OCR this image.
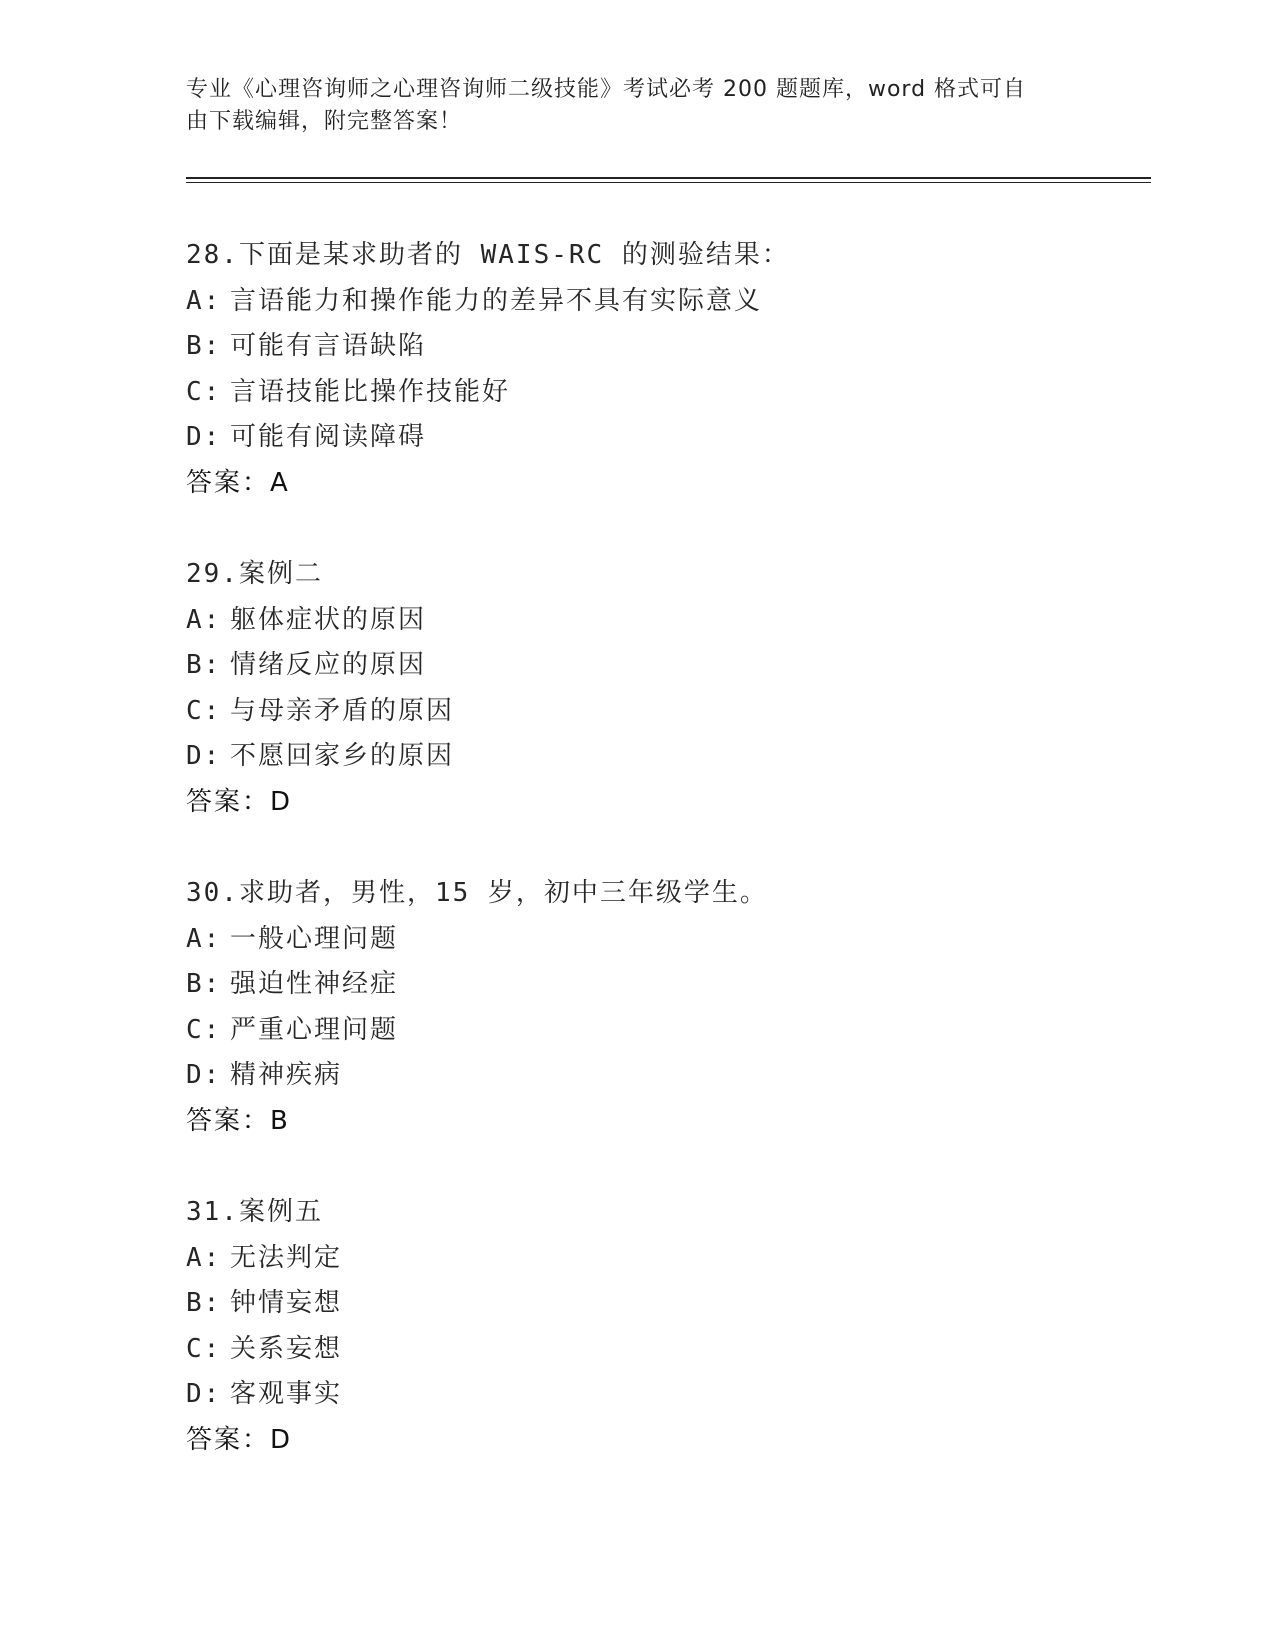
专业《心理咨询师之心理咨询师二级技能》考试必考 200 题题库，word 格式可自
由下载编辑，附完整答案！
28.下面是某求助者的 WAIS-RC 的测验结果：
A: 言语能力和操作能力的差异不具有实际意义
B: 可能有言语缺陷
C: 言语技能比操作技能好
D: 可能有阅读障碍
答案：A
29.案例二
A: 躯体症状的原因
B: 情绪反应的原因
C: 与母亲矛盾的原因
D: 不愿回家乡的原因
答案：D
30.求助者，男性，15 岁，初中三年级学生。
A: 一般心理问题
B: 强迫性神经症
C: 严重心理问题
D: 精神疾病
答案：B
31.案例五
A: 无法判定
B: 钟情妄想
C: 关系妄想
D: 客观事实
答案：D
